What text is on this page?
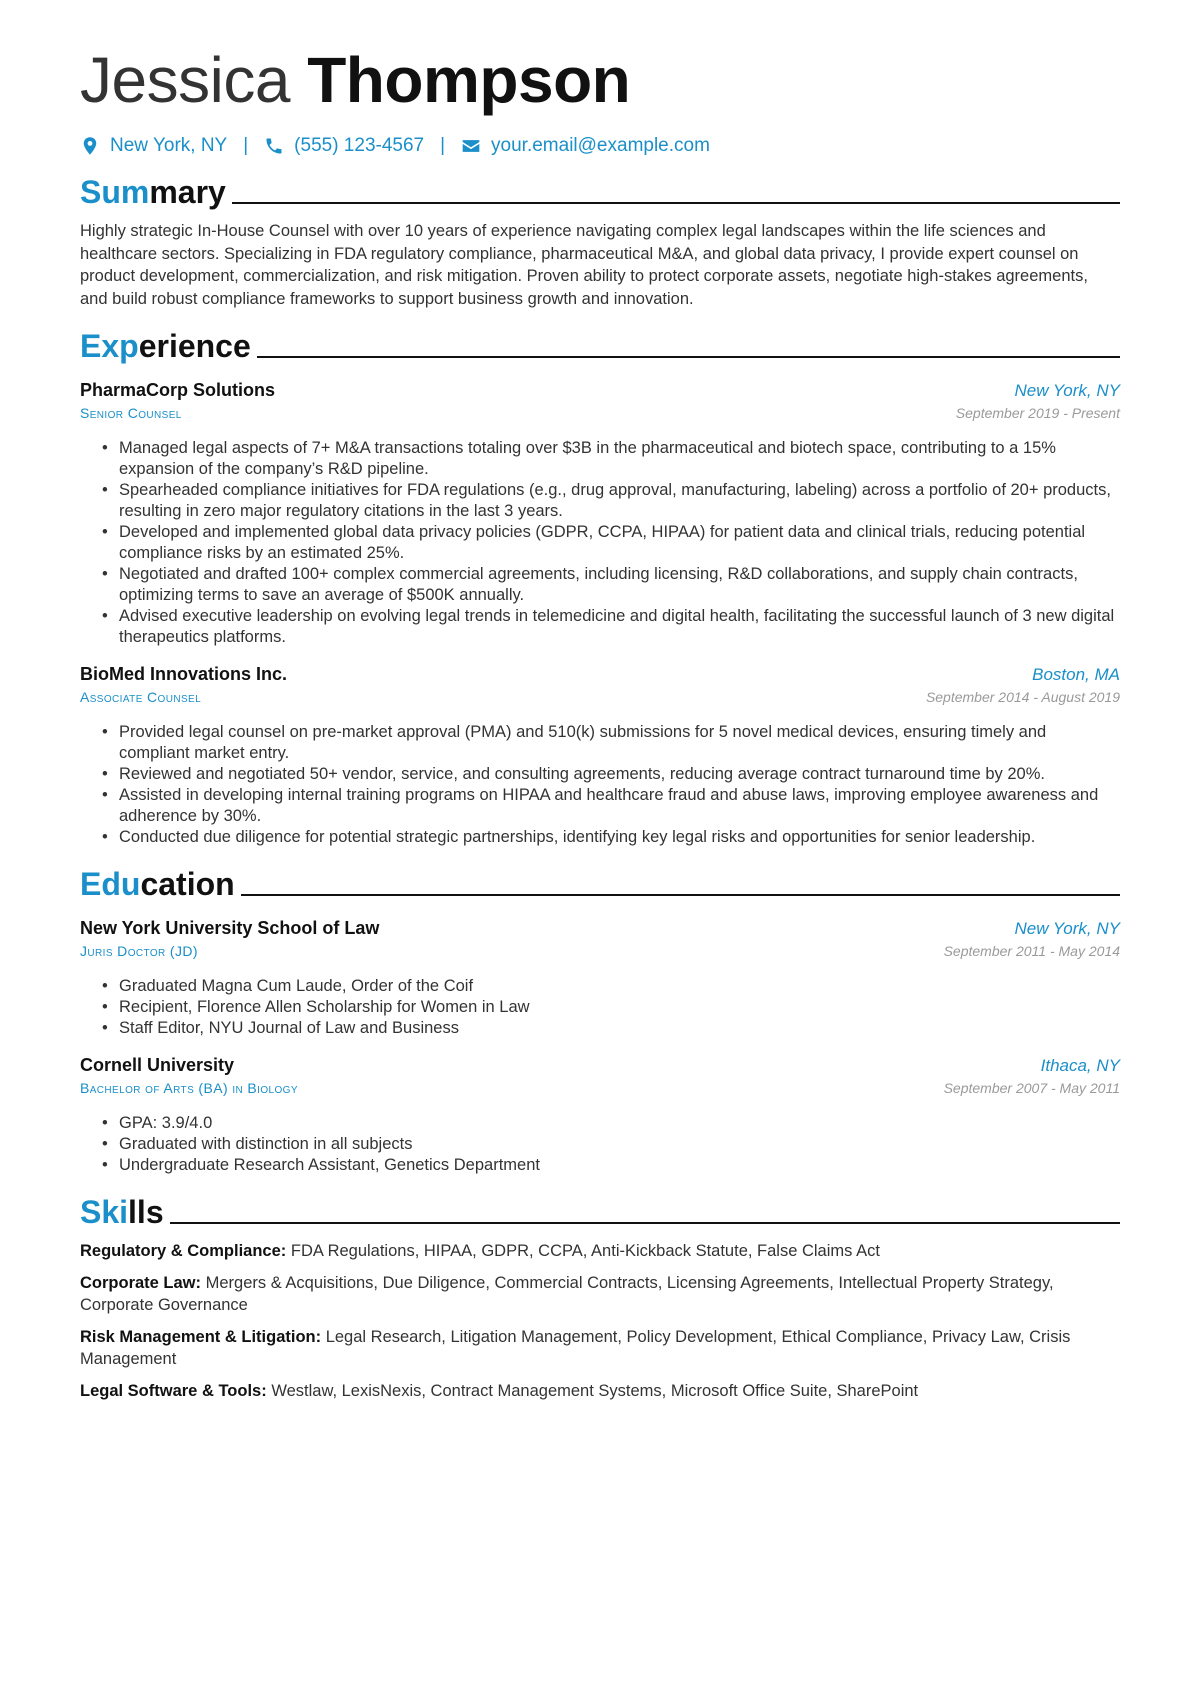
Jessica Thompson
New York, NY | (555) 123-4567 | your.email@example.com
Summary

Highly strategic In-House Counsel with over 10 years of experience navigating complex legal landscapes within the life sciences and healthcare sectors. Specializing in FDA regulatory compliance, pharmaceutical M&A, and global data privacy, I provide expert counsel on product development, commercialization, and risk mitigation. Proven ability to protect corporate assets, negotiate high-stakes agreements, and build robust compliance frameworks to support business growth and innovation.

Experience
PharmaCorp Solutions	New York, NY
Senior Counsel	September 2019 - Present
• Managed legal aspects of 7+ M&A transactions totaling over $3B in the pharmaceutical and biotech space, contributing to a 15% expansion of the company’s R&D pipeline.
• Spearheaded compliance initiatives for FDA regulations (e.g., drug approval, manufacturing, labeling) across a portfolio of 20+ products, resulting in zero major regulatory citations in the last 3 years.
• Developed and implemented global data privacy policies (GDPR, CCPA, HIPAA) for patient data and clinical trials, reducing potential compliance risks by an estimated 25%.
• Negotiated and drafted 100+ complex commercial agreements, including licensing, R&D collaborations, and supply chain contracts, optimizing terms to save an average of $500K annually.
• Advised executive leadership on evolving legal trends in telemedicine and digital health, facilitating the successful launch of 3 new digital therapeutics platforms.
BioMed Innovations Inc.	Boston, MA
Associate Counsel	September 2014 - August 2019
• Provided legal counsel on pre-market approval (PMA) and 510(k) submissions for 5 novel medical devices, ensuring timely and compliant market entry.
• Reviewed and negotiated 50+ vendor, service, and consulting agreements, reducing average contract turnaround time by 20%.
• Assisted in developing internal training programs on HIPAA and healthcare fraud and abuse laws, improving employee awareness and adherence by 30%.
• Conducted due diligence for potential strategic partnerships, identifying key legal risks and opportunities for senior leadership.
Education
New York University School of Law	New York, NY
Juris Doctor (JD)	September 2011 - May 2014
• Graduated Magna Cum Laude, Order of the Coif
• Recipient, Florence Allen Scholarship for Women in Law
• Staff Editor, NYU Journal of Law and Business
Cornell University	Ithaca, NY
Bachelor of Arts (BA) in Biology	September 2007 - May 2011
• GPA: 3.9/4.0
• Graduated with distinction in all subjects
• Undergraduate Research Assistant, Genetics Department
Skills

Regulatory & Compliance: FDA Regulations, HIPAA, GDPR, CCPA, Anti-Kickback Statute, False Claims Act

Corporate Law: Mergers & Acquisitions, Due Diligence, Commercial Contracts, Licensing Agreements, Intellectual Property Strategy, Corporate Governance

Risk Management & Litigation: Legal Research, Litigation Management, Policy Development, Ethical Compliance, Privacy Law, Crisis Management

Legal Software & Tools: Westlaw, LexisNexis, Contract Management Systems, Microsoft Office Suite, SharePoint
